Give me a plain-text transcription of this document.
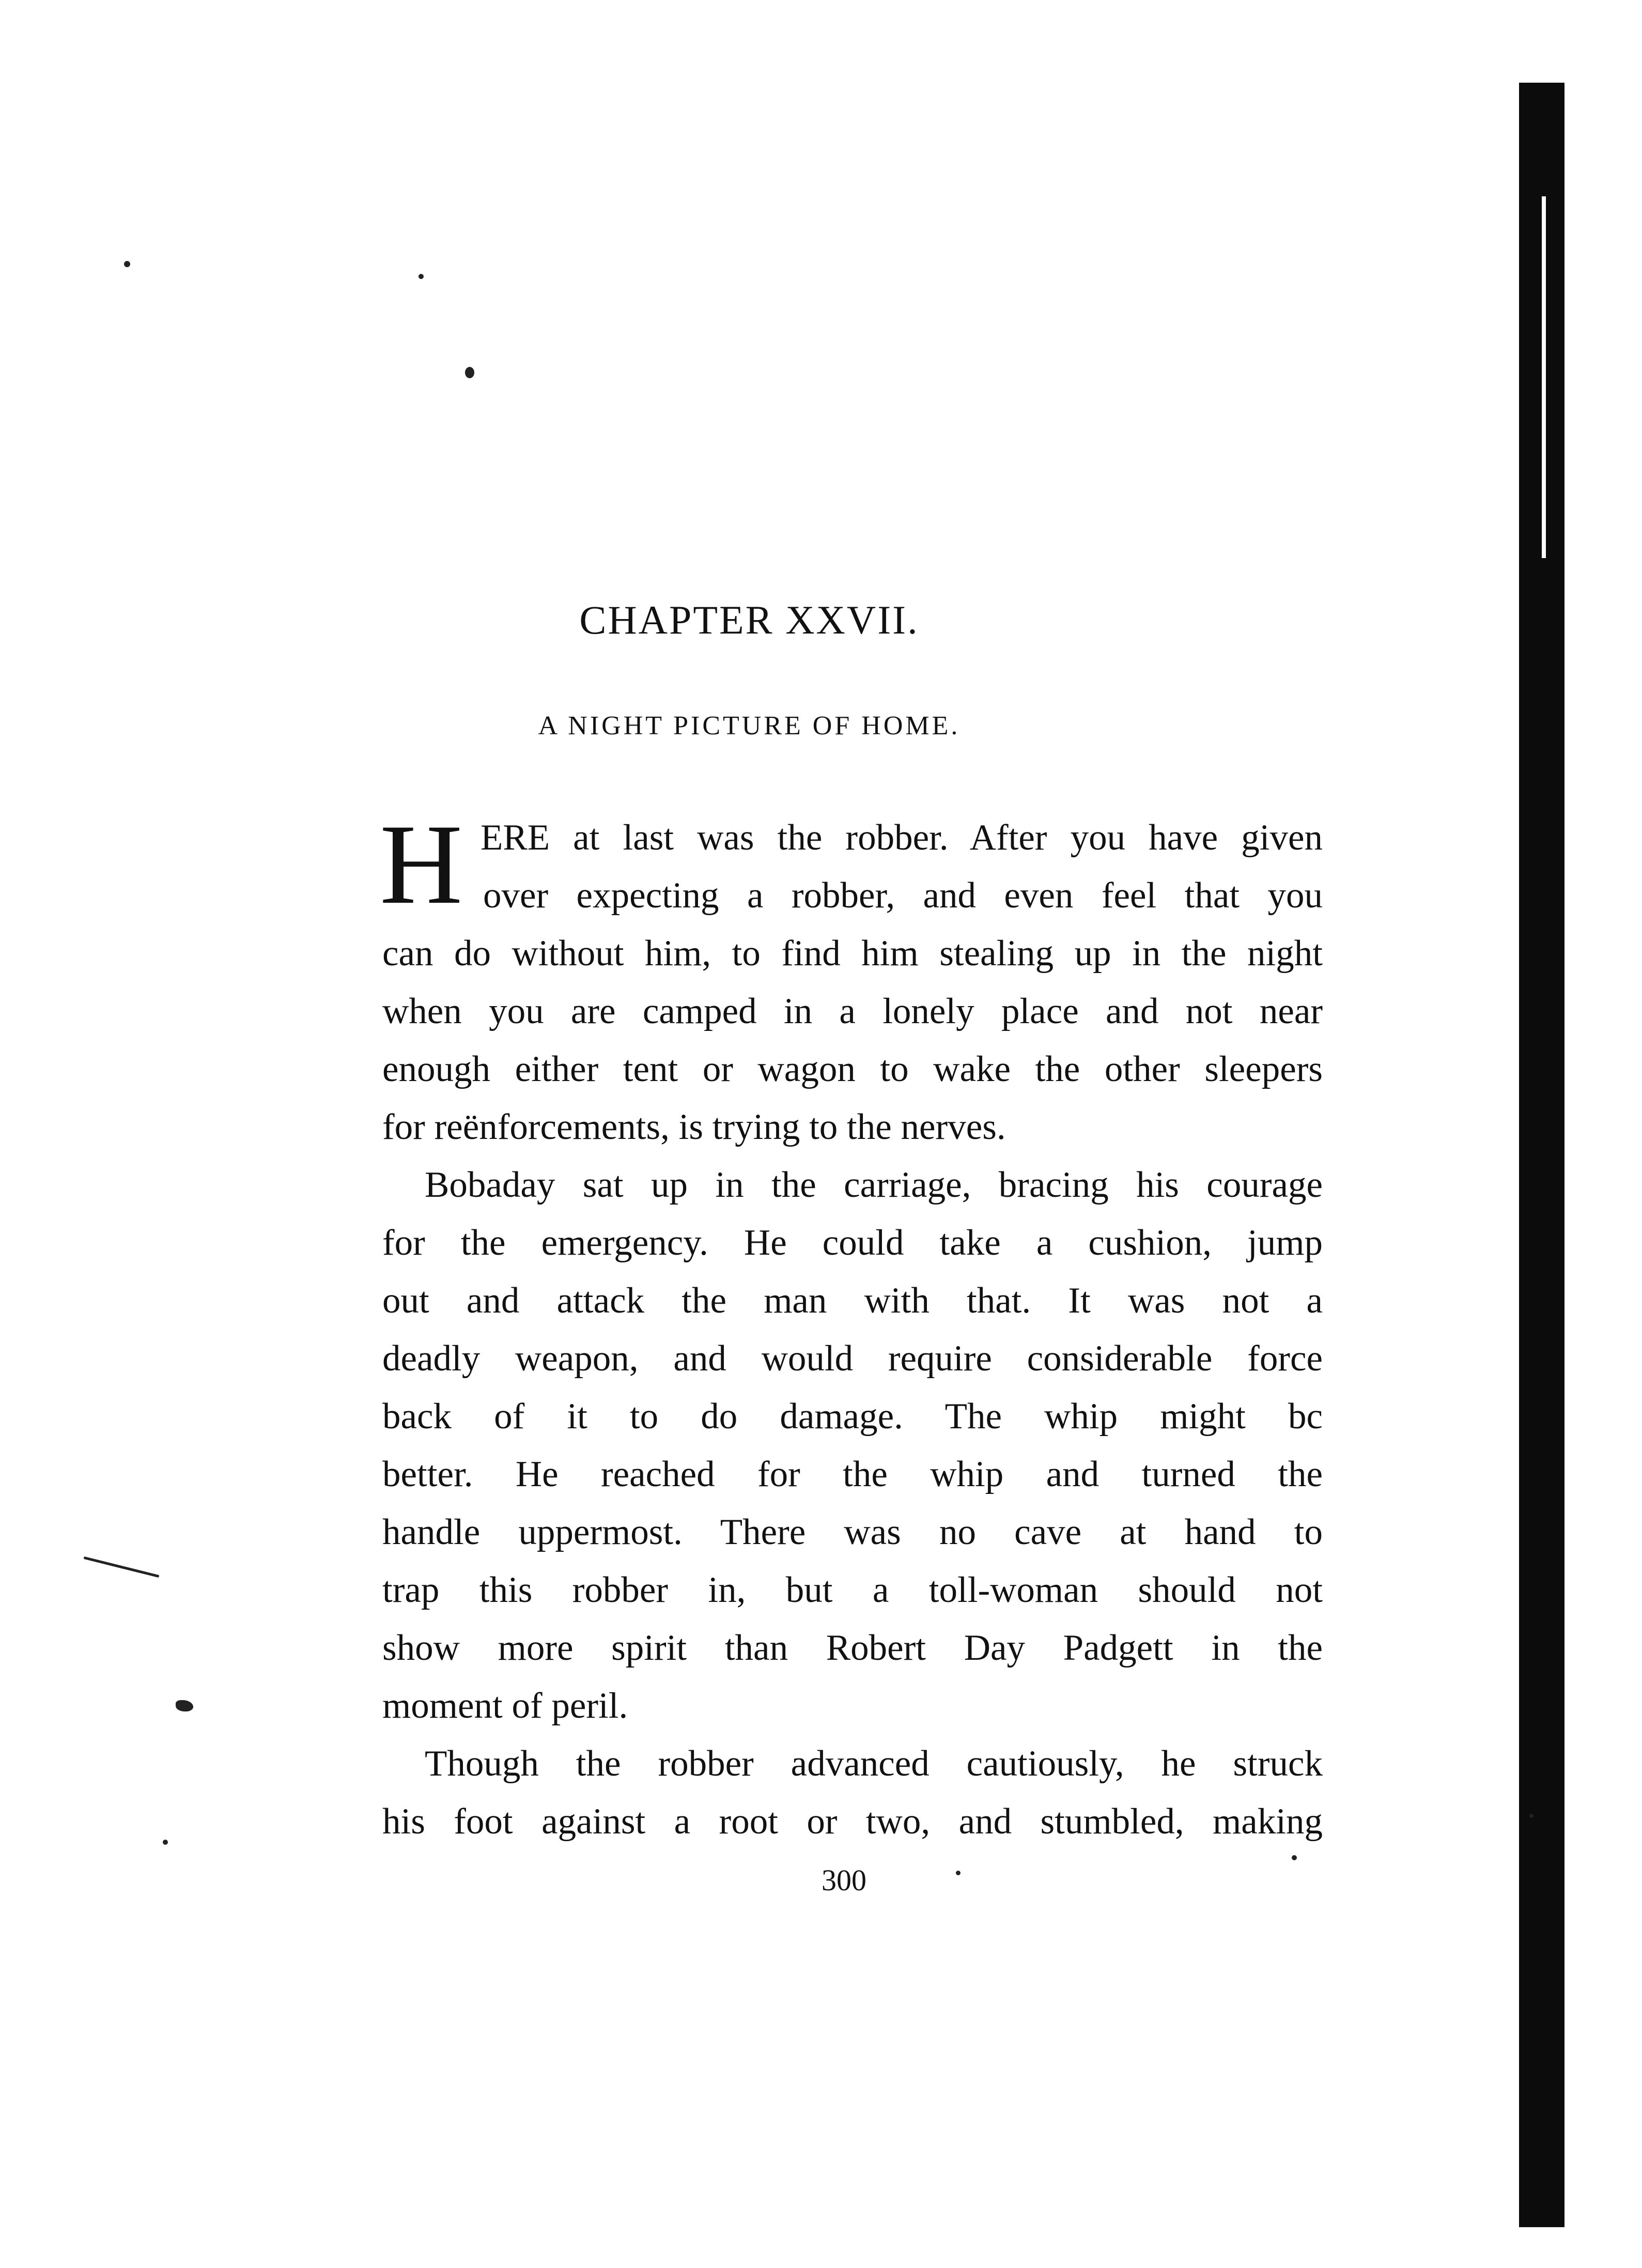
CHAPTER XXVII.
A NIGHT PICTURE OF HOME.
H ERE at last was the robber. After you have given
over expecting a robber, and even feel that you
can do without him, to find him stealing up in the night
when you are camped in a lonely place and not near
enough either tent or wagon to wake the other sleepers
for reënforcements, is trying to the nerves.
Bobaday sat up in the carriage, bracing his courage
for the emergency. He could take a cushion, jump
out and attack the man with that. It was not a
deadly weapon, and would require considerable force
back of it to do damage. The whip might bc
better. He reached for the whip and turned the
handle uppermost. There was no cave at hand to
trap this robber in, but a toll-woman should not
show more spirit than Robert Day Padgett in the
moment of peril.
Though the robber advanced cautiously, he struck
his foot against a root or two, and stumbled, making

300
